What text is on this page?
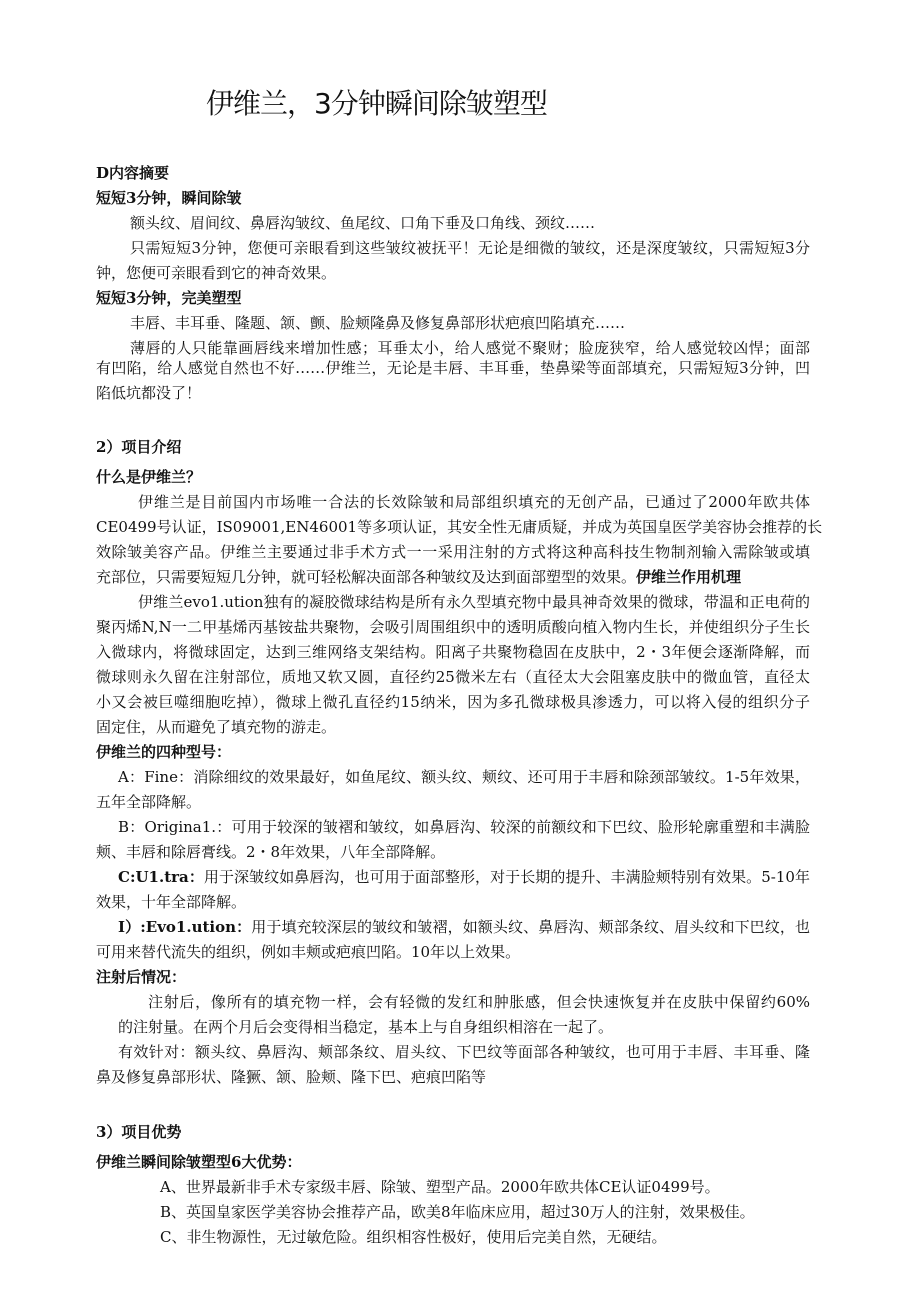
伊维兰，3分钟瞬间除皱塑型
D内容摘要
短短3分钟，瞬间除皱
额头纹、眉间纹、鼻唇沟皱纹、鱼尾纹、口角下垂及口角线、颈纹……
只需短短3分钟，您便可亲眼看到这些皱纹被抚平！无论是细微的皱纹，还是深度皱纹，只需短短3分
钟，您便可亲眼看到它的神奇效果。
短短3分钟，完美塑型
丰唇、丰耳垂、隆题、颔、颤、脸颊隆鼻及修复鼻部形状疤痕凹陷填充……
薄唇的人只能靠画唇线来增加性感；耳垂太小，给人感觉不聚财；脸庞狭窄，给人感觉较凶悍；面部
有凹陷，给人感觉自然也不好……伊维兰，无论是丰唇、丰耳垂，垫鼻梁等面部填充，只需短短3分钟，凹
陷低坑都没了！
2）项目介绍
什么是伊维兰？
伊维兰是目前国内市场唯一合法的长效除皱和局部组织填充的无创产品，已通过了2000年欧共体
CE0499号认证，IS09001,EN46001等多项认证，其安全性无庸质疑，并成为英国皇医学美容协会推荐的长
效除皱美容产品。伊维兰主要通过非手术方式一一采用注射的方式将这种高科技生物制剂输入需除皱或填
充部位，只需要短短几分钟，就可轻松解决面部各种皱纹及达到面部塑型的效果。伊维兰作用机理
伊维兰evo1.ution独有的凝胶微球结构是所有永久型填充物中最具神奇效果的微球，带温和正电荷的
聚丙烯N,N一二甲基烯丙基铵盐共聚物，会吸引周围组织中的透明质酸向植入物内生长，并使组织分子生长
入微球内，将微球固定，达到三维网络支架结构。阳离子共聚物稳固在皮肤中，2・3年便会逐渐降解，而
微球则永久留在注射部位，质地又软又圆，直径约25微米左右（直径太大会阻塞皮肤中的微血管，直径太
小又会被巨噬细胞吃掉），微球上微孔直径约15纳米，因为多孔微球极具渗透力，可以将入侵的组织分子
固定住，从而避免了填充物的游走。
伊维兰的四种型号：
A：Fine：消除细纹的效果最好，如鱼尾纹、额头纹、颊纹、还可用于丰唇和除颈部皱纹。1-5年效果，
五年全部降解。
B：Origina1.：可用于较深的皱褶和皱纹，如鼻唇沟、较深的前额纹和下巴纹、脸形轮廓重塑和丰满脸
颊、丰唇和除唇膏线。2・8年效果，八年全部降解。
C:U1.tra：用于深皱纹如鼻唇沟，也可用于面部整形，对于长期的提升、丰满脸颊特别有效果。5-10年
效果，十年全部降解。
I）:Evo1.ution：用于填充较深层的皱纹和皱褶，如额头纹、鼻唇沟、颊部条纹、眉头纹和下巴纹，也
可用来替代流失的组织，例如丰颊或疤痕凹陷。10年以上效果。
注射后情况：
注射后，像所有的填充物一样，会有轻微的发红和肿胀感，但会快速恢复并在皮肤中保留约60%
的注射量。在两个月后会变得相当稳定，基本上与自身组织相溶在一起了。
有效针对：额头纹、鼻唇沟、颊部条纹、眉头纹、下巴纹等面部各种皱纹，也可用于丰唇、丰耳垂、隆
鼻及修复鼻部形状、隆獗、颔、脸颊、隆下巴、疤痕凹陷等
3）项目优势
伊维兰瞬间除皱塑型6大优势：
A、世界最新非手术专家级丰唇、除皱、塑型产品。2000年欧共体CE认证0499号。
B、英国皇家医学美容协会推荐产品，欧美8年临床应用，超过30万人的注射，效果极佳。
C、非生物源性，无过敏危险。组织相容性极好，使用后完美自然，无硬结。
